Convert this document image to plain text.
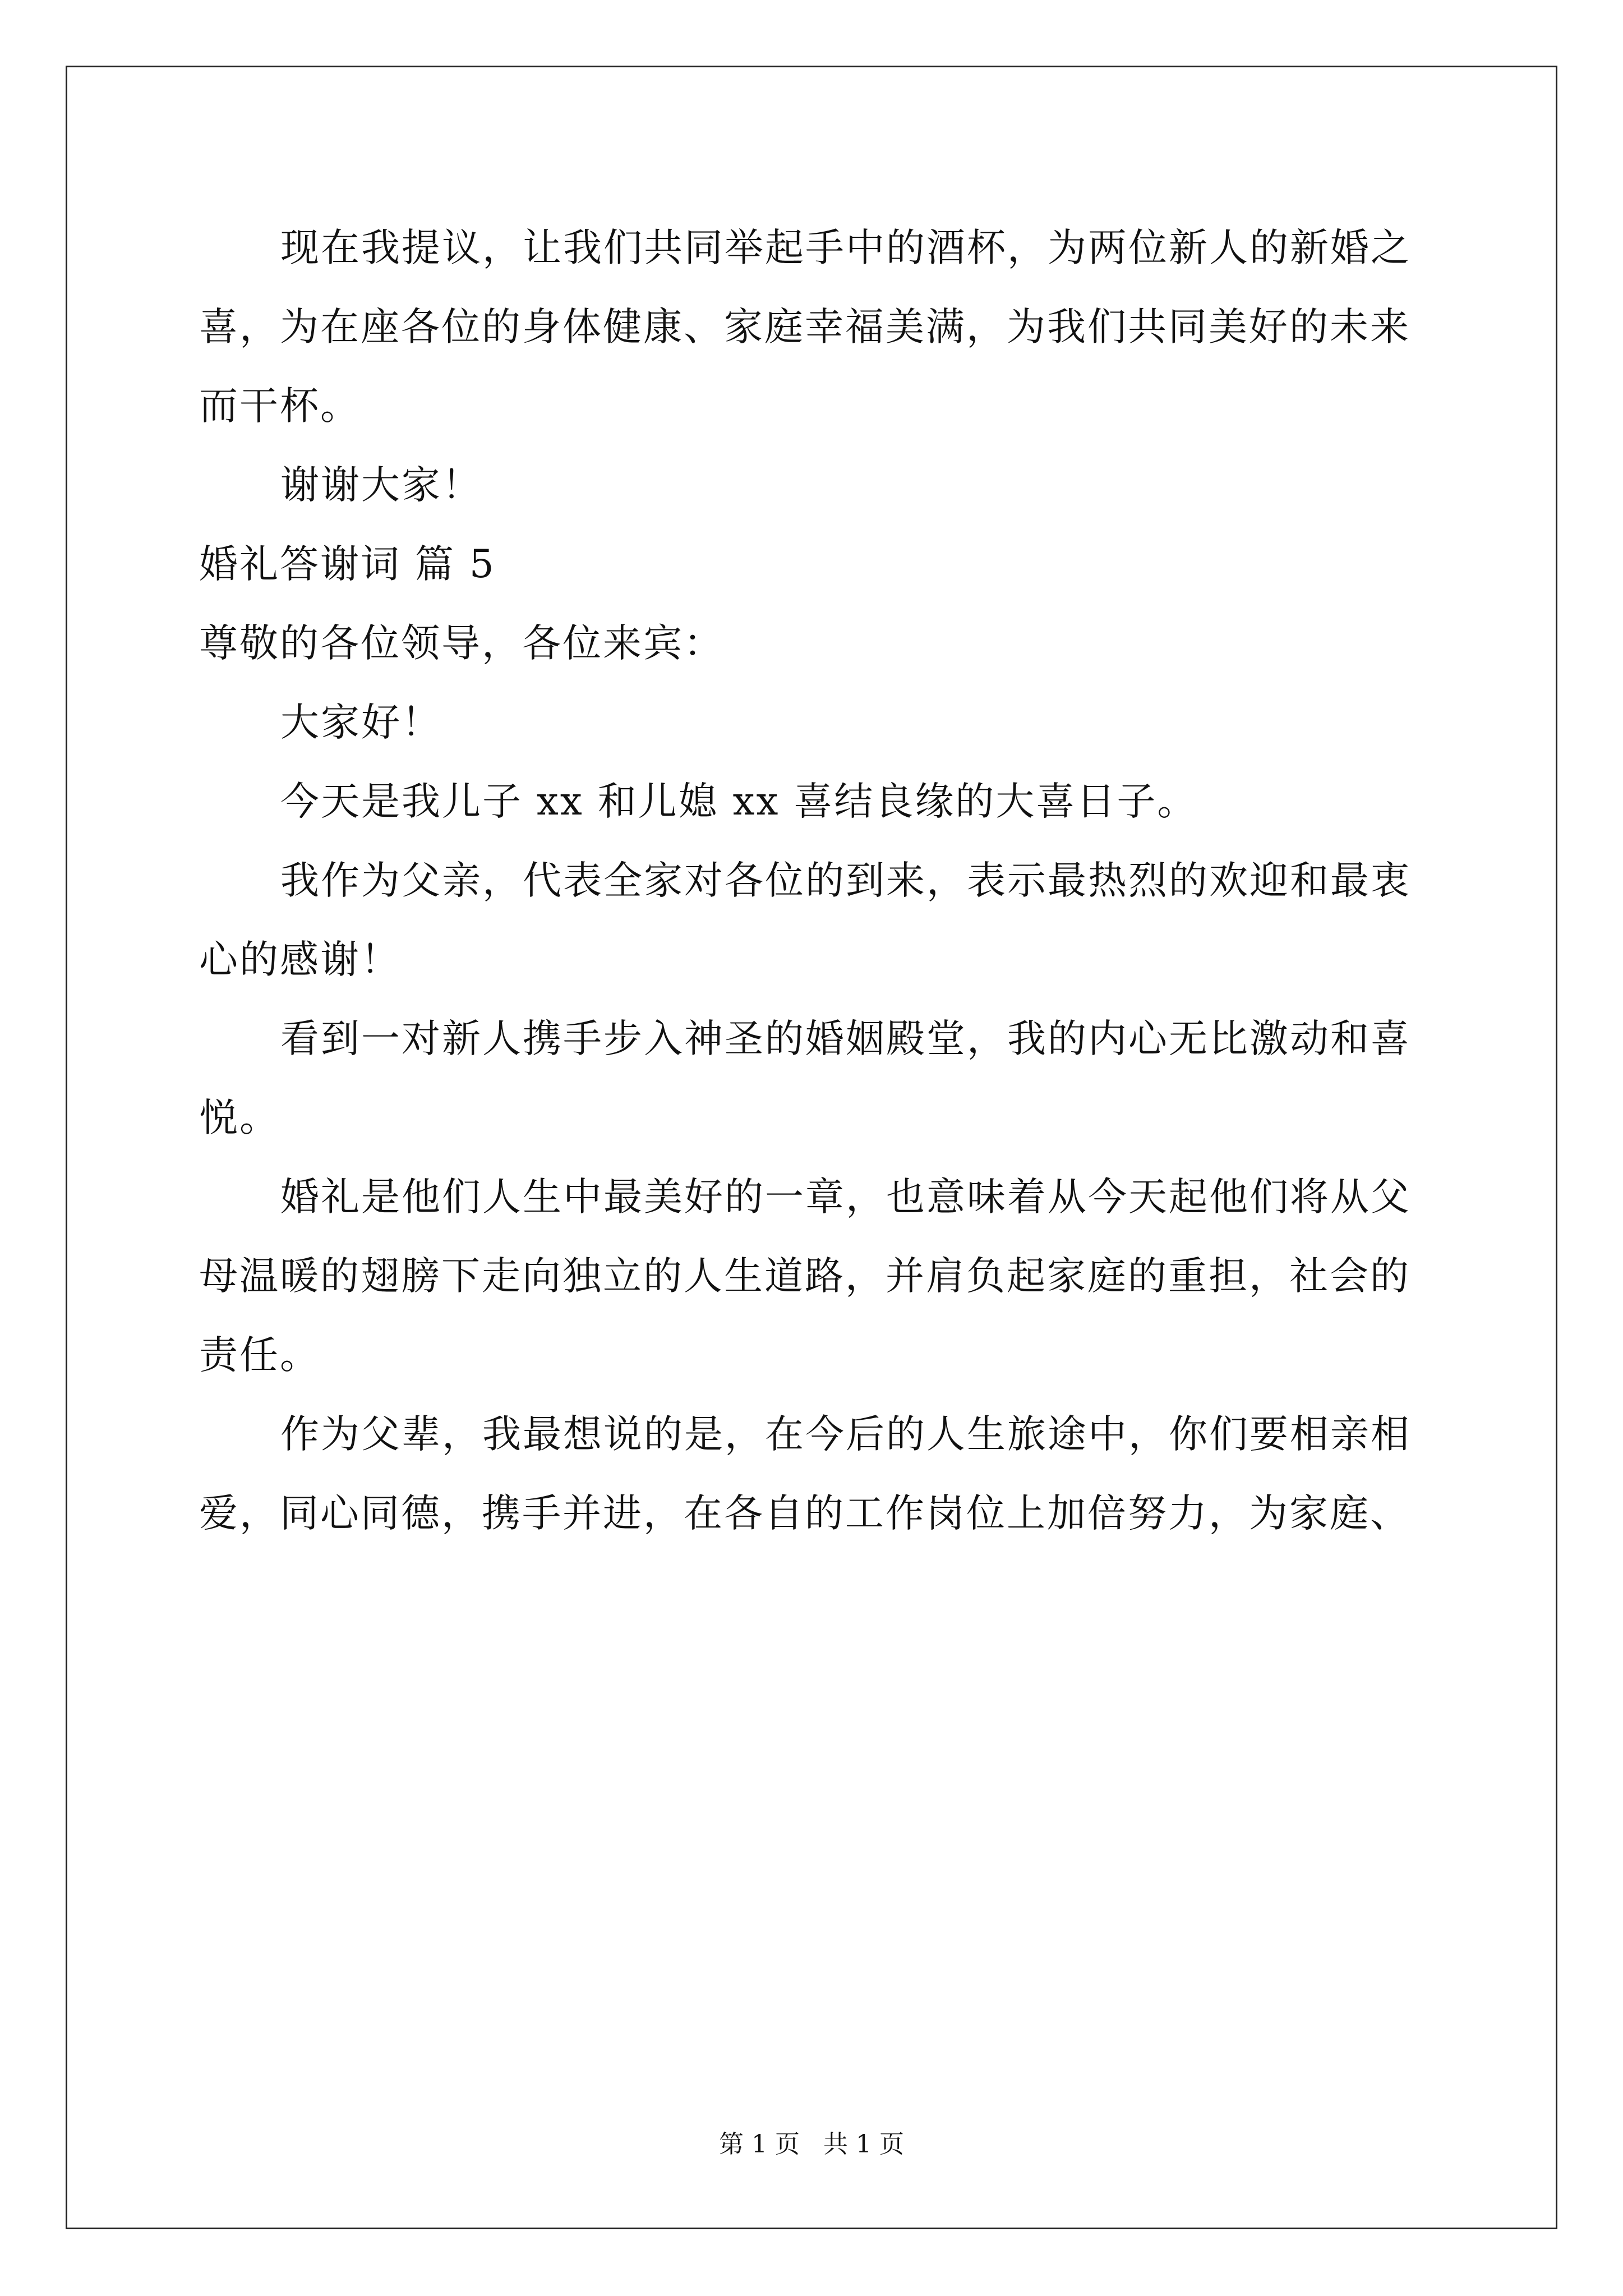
现在我提议，让我们共同举起手中的酒杯，为两位新人的新婚之
喜，为在座各位的身体健康、家庭幸福美满，为我们共同美好的未来
而干杯。
谢谢大家！
婚礼答谢词 篇 5
尊敬的各位领导，各位来宾：
大家好！
今天是我儿子 xx 和儿媳 xx 喜结良缘的大喜日子。
我作为父亲，代表全家对各位的到来，表示最热烈的欢迎和最衷
心的感谢！
看到一对新人携手步入神圣的婚姻殿堂，我的内心无比激动和喜
悦。
婚礼是他们人生中最美好的一章，也意味着从今天起他们将从父
母温暖的翅膀下走向独立的人生道路，并肩负起家庭的重担，社会的
责任。
作为父辈，我最想说的是，在今后的人生旅途中，你们要相亲相
爱，同心同德，携手并进，在各自的工作岗位上加倍努力，为家庭、
第 1 页   共 1 页
